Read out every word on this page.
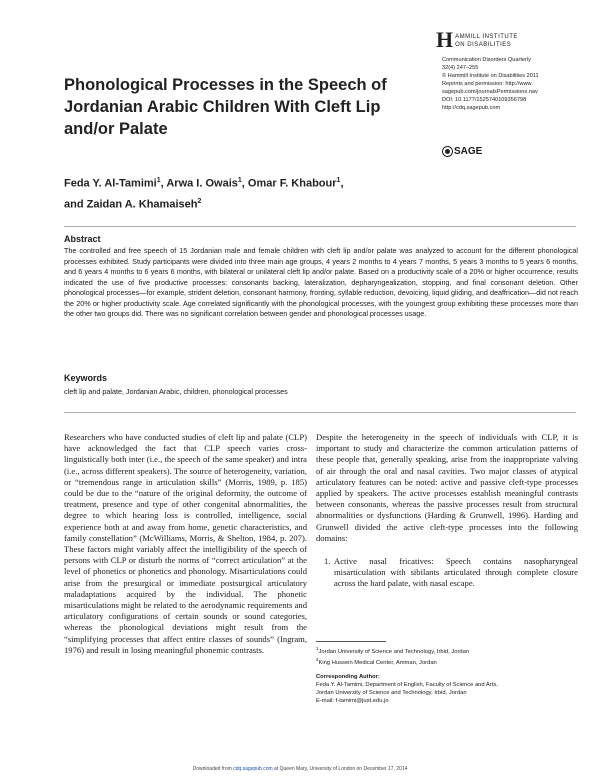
H AMMILL INSTITUTE
ON DISABILITIES
Communication Disorders Quarterly
32(4) 247–255
© Hammill Institute on Disabilities 2011
Reprints and permission: http://www.
sagepub.com/journalsPermissions.nav
DOI: 10.1177/1525740109356798
http://cdq.sagepub.com
SAGE
Phonological Processes in the Speech of Jordanian Arabic Children With Cleft Lip and/or Palate
Feda Y. Al-Tamimi$^1$, Arwa I. Owais$^1$, Omar F. Khabour$^1$,
and Zaidan A. Khamaiseh$^2$
Abstract

The controlled and free speech of 15 Jordanian male and female children with cleft lip and/or palate was analyzed to account for the different phonological processes exhibited. Study participants were divided into three main age groups, 4 years 2 months to 4 years 7 months, 5 years 3 months to 5 years 6 months, and 6 years 4 months to 6 years 6 months, with bilateral or unilateral cleft lip and/or palate. Based on a productivity scale of a 20% or higher occurrence, results indicated the use of five productive processes: consonants backing, lateralization, depharyngealization, stopping, and final consonant deletion. Other phonological processes—for example, strident deletion, consonant harmony, fronting, syllable reduction, devoicing, liquid gliding, and deaffrication—did not reach the 20% or higher productivity scale. Age correlated significantly with the phonological processes, with the youngest group exhibiting these processes more than the other two groups did. There was no significant correlation between gender and phonological processes usage.

Keywords
cleft lip and palate, Jordanian Arabic, children, phonological processes

Researchers who have conducted studies of cleft lip and palate (CLP) have acknowledged the fact that CLP speech varies cross-linguistically both inter (i.e., the speech of the same speaker) and intra (i.e., across different speakers). The source of heterogeneity, variation, or “tremendous range in articulation skills” (Morris, 1989, p. 185) could be due to the “nature of the original deformity, the outcome of treatment, presence and type of other congenital abnormalities, the degree to which hearing loss is controlled, intelligence, social experience both at and away from home, genetic characteristics, and family constellation” (McWilliams, Morris, & Shelton, 1984, p. 207). These factors might variably affect the intelligibility of the speech of persons with CLP or disturb the norms of “correct articulation” at the level of phonetics or phonetics and phonology. Misarticulations could arise from the presurgical or immediate postsurgical articulatory maladaptations acquired by the individual. The phonetic misarticulations might be related to the aerodynamic requirements and articulatory configurations of certain sounds or sound categories, whereas the phonological deviations might result from the “simplifying processes that affect entire classes of sounds” (Ingram, 1976) and result in losing meaningful phonemic contrasts.

Despite the heterogeneity in the speech of individuals with CLP, it is important to study and characterize the common articulation patterns of these people that, generally speaking, arise from the inappropriate valving of air through the oral and nasal cavities. Two major classes of atypical articulatory features can be noted: active and passive cleft-type processes applied by speakers. The active processes establish meaningful contrasts between consonants, whereas the passive processes result from structural abnormalities or dysfunctions (Harding & Grunwell, 1996). Harding and Grunwell divided the active cleft-type processes into the following domains:

1. Active nasal fricatives: Speech contains nasopharyngeal misarticulation with sibilants articulated through complete closure across the hard palate, with nasal escape.
$^1$Jordan University of Science and Technology, Irbid, Jordan
$^2$King Hussein Medical Center, Amman, Jordan
Corresponding Author:
Feda Y. Al-Tamimi, Department of English, Faculty of Science and Arts,
Jordan University of Science and Technology, Irbid, Jordan
E-mail: f-tamimi@just.edu.jo
Downloaded from cdq.sagepub.com at Queen Mary, University of London on December 17, 2014
